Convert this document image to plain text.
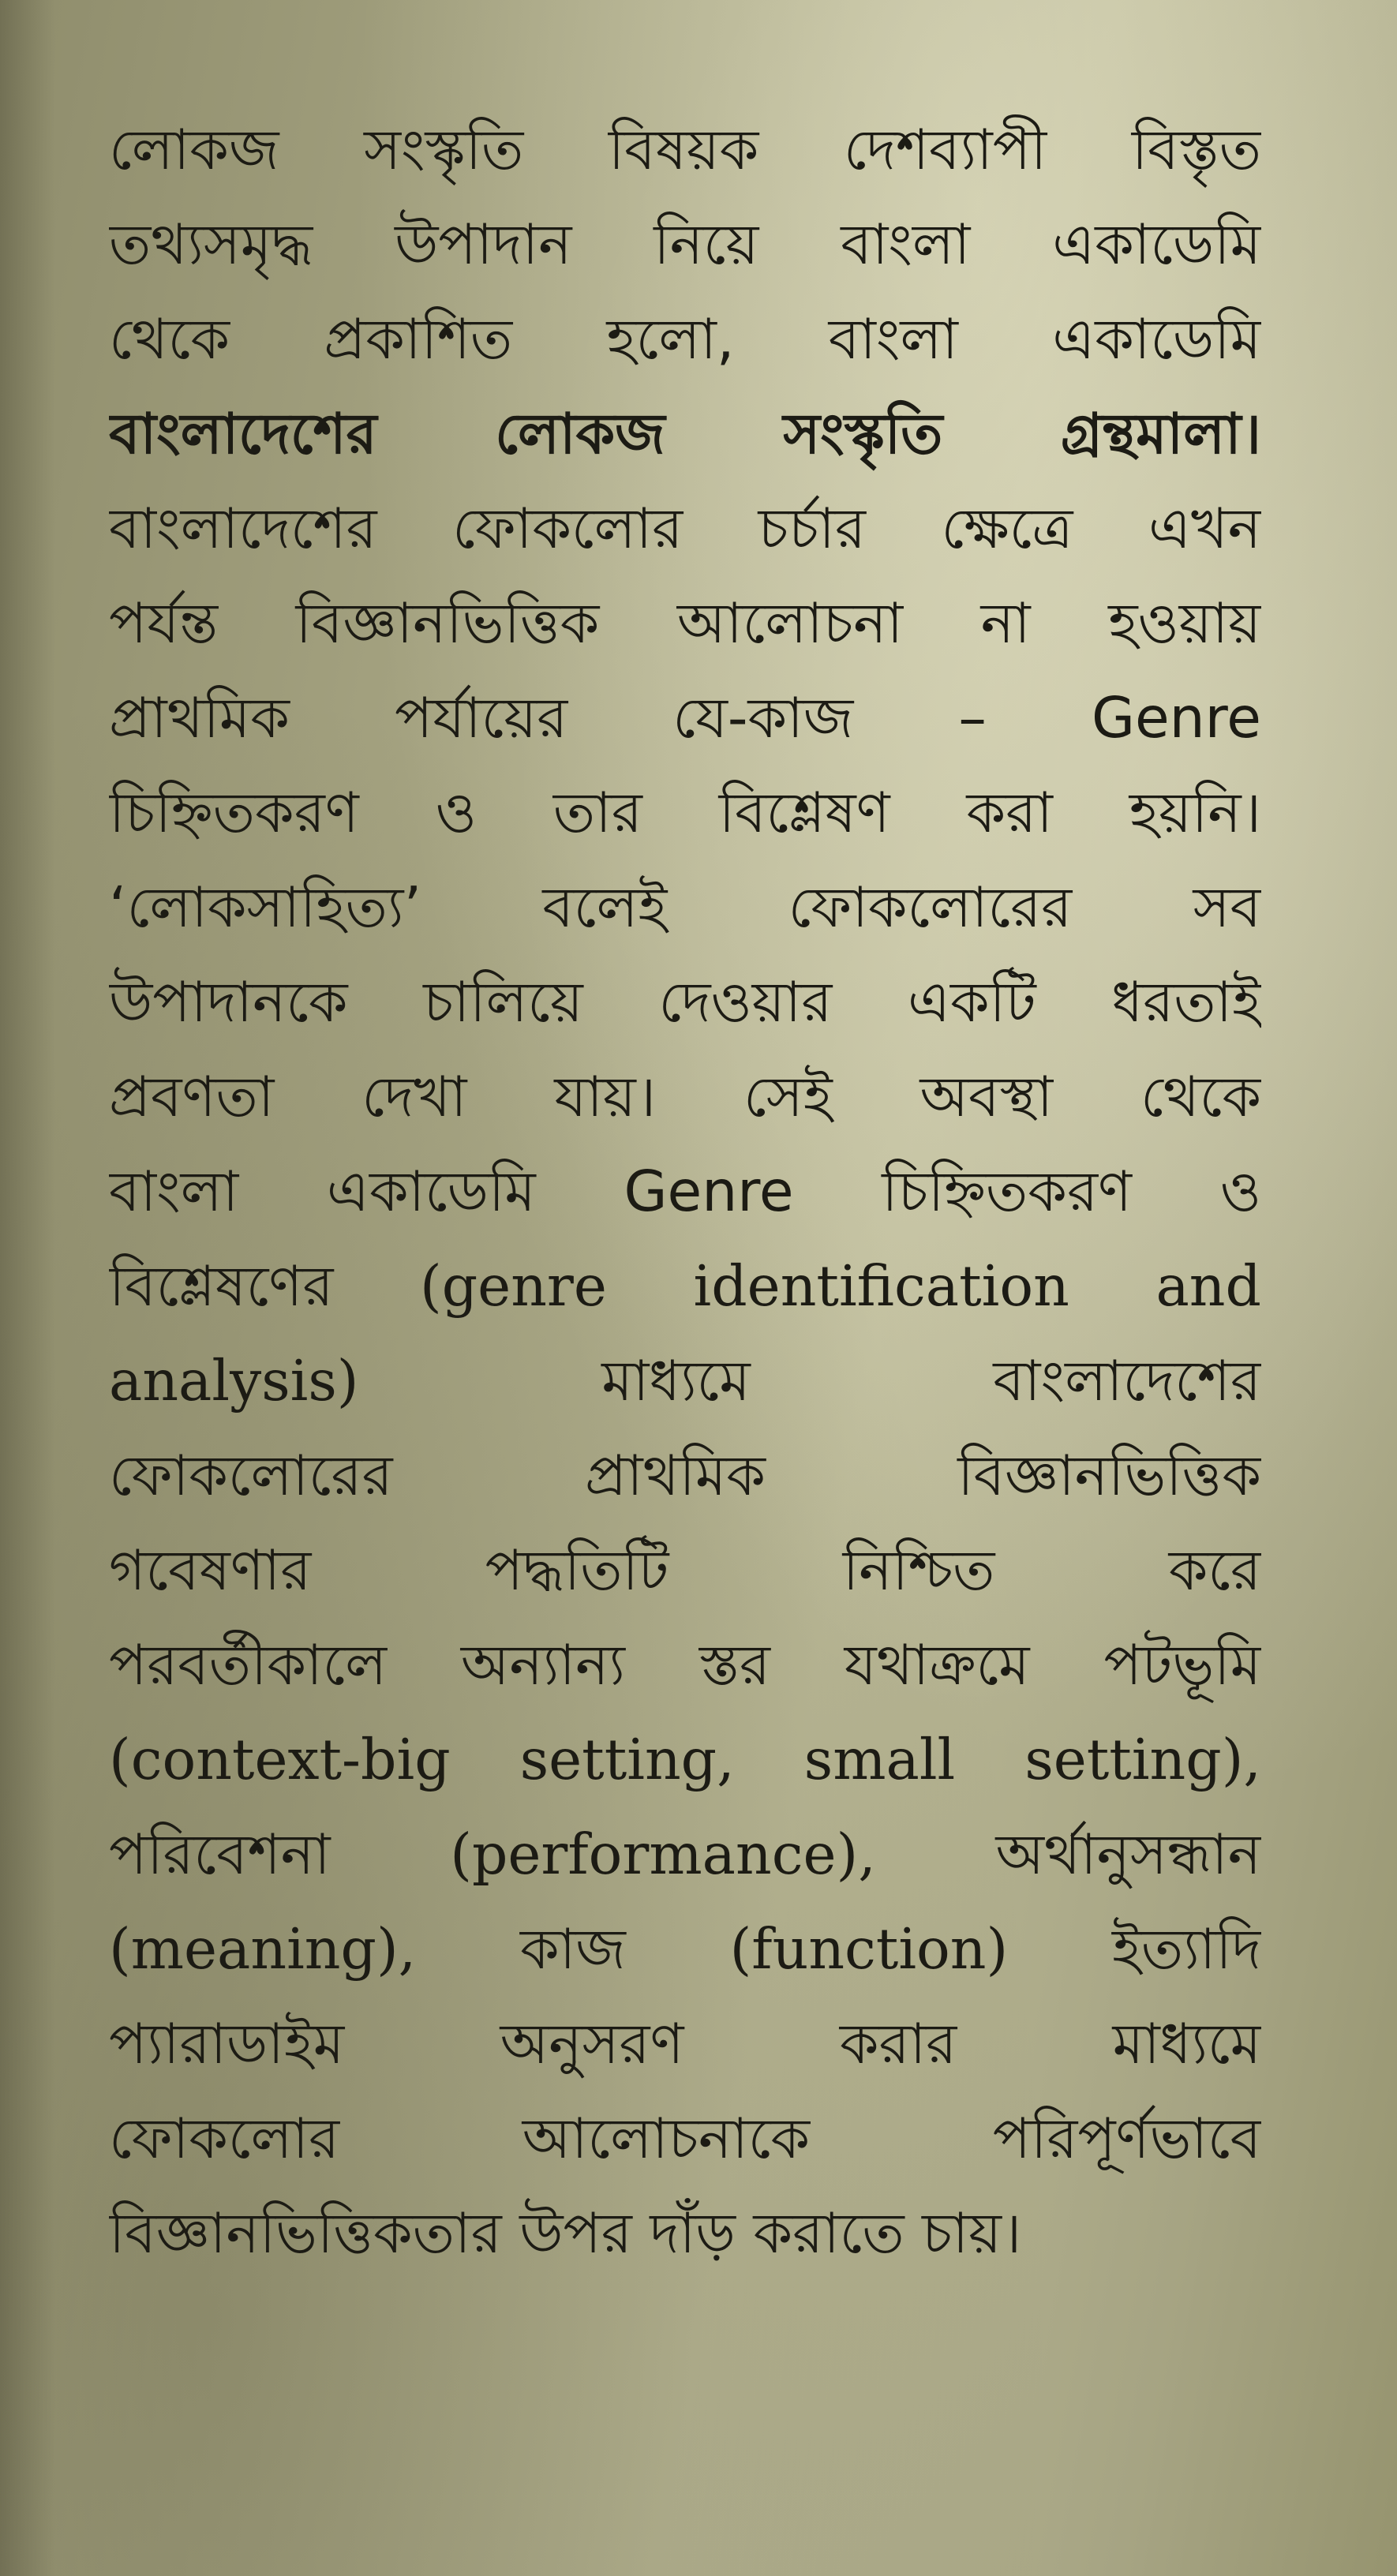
লোকজ সংস্কৃতি বিষয়ক দেশব্যাপী বিস্তৃত
তথ্যসমৃদ্ধ উপাদান নিয়ে বাংলা একাডেমি
থেকে প্রকাশিত হলো, বাংলা একাডেমি
বাংলাদেশের লোকজ সংস্কৃতি গ্রন্থমালা।
বাংলাদেশের ফোকলোর চর্চার ক্ষেত্রে এখন
পর্যন্ত বিজ্ঞানভিত্তিক আলোচনা না হওয়ায়
প্রাথমিক পর্যায়ের যে-কাজ – Genre
চিহ্নিতকরণ ও তার বিশ্লেষণ করা হয়নি।
‘লোকসাহিত্য’ বলেই ফোকলোরের সব
উপাদানকে চালিয়ে দেওয়ার একটি ধরতাই
প্রবণতা দেখা যায়। সেই অবস্থা থেকে
বাংলা একাডেমি Genre চিহ্নিতকরণ ও
বিশ্লেষণের (genre identification and
analysis) মাধ্যমে বাংলাদেশের
ফোকলোরের প্রাথমিক বিজ্ঞানভিত্তিক
গবেষণার পদ্ধতিটি নিশ্চিত করে
পরবর্তীকালে অন্যান্য স্তর যথাক্রমে পটভূমি
(context-big setting, small setting),
পরিবেশনা (performance), অর্থানুসন্ধান
(meaning), কাজ (function) ইত্যাদি
প্যারাডাইম অনুসরণ করার মাধ্যমে
ফোকলোর আলোচনাকে পরিপূর্ণভাবে
বিজ্ঞানভিত্তিকতার উপর দাঁড় করাতে চায়।
